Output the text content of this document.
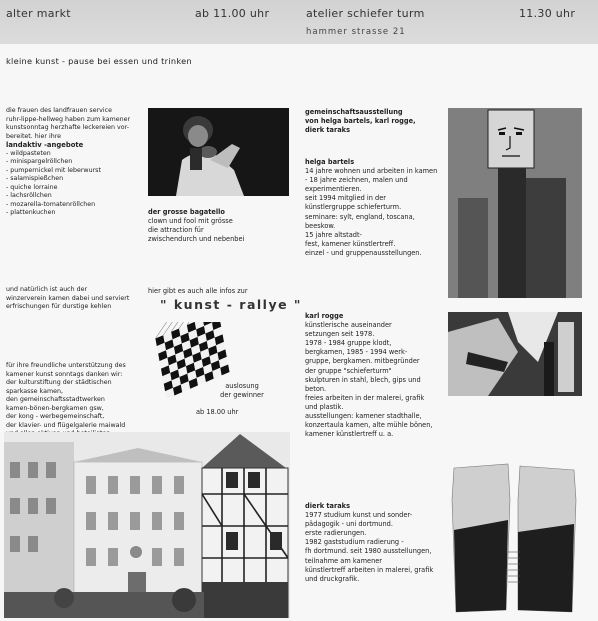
alter markt	ab 11.00 uhr	atelier schiefer turm	11.30 uhr
hammer strasse 21
kleine kunst - pause bei essen und trinken
die frauen des landfrauen service
ruhr-lippe-hellweg haben zum kamener
kunstsonntag herzhafte leckereien vor-
bereitet. hier ihre
landaktiv -angebote
- wildpasteten
- minispargelröllchen
- pumpernickel mit leberwurst
- salamispießchen
- quiche lorraine
- lachsröllchen
- mozarella-tomatenröllchen
- plattenkuchen
und natürlich ist auch der
winzerverein kamen dabei und serviert
erfrischungen für durstige kehlen
für ihre freundliche unterstützung des
kamener kunst sonntags danken wir:
der kulturstiftung der städtischen
sparkasse kamen,
den gemeinschaftsstadtwerken
kamen-bönen-bergkamen gsw,
der kong - werbegemeinschaft,
der klavier- und flügelgalerie maiwald
der grosse bagatello
clown und fool mit grösse
die attraction für
zwischendurch und nebenbei
hier gibt es auch alle infos zur
" kunst - rallye "
auslosung
der gewinner
ab 18.00 uhr
gemeinschaftsausstellung
von helga bartels, karl rogge,
dierk taraks
helga bartels
14 jahre wohnen und arbeiten in kamen
- 18 jahre zeichnen, malen und
experimentieren.
seit 1994 mitglied in der
künstlergruppe schieferturm.
seminare: sylt, england, toscana,
beeskow.
15 jahre altstadt-
fest, kamener künstlertreff.
einzel - und gruppenausstellungen.
karl rogge
künstlerische auseinander
setzungen seit 1978.
1978 - 1984 gruppe klodt,
bergkamen, 1985 - 1994 werk-
gruppe, bergkamen. mitbegründer
der gruppe "schieferturm"
skulpturen in stahl, blech, gips und
beton.
freies arbeiten in der malerei, grafik
und plastik.
ausstellungen: kamener stadthalle,
konzertaula kamen, alte mühle bönen,
kamener künstlertreff u. a.
dierk taraks
1977 studium kunst und sonder-
pädagogik - uni dortmund.
erste radierungen.
1982 gaststudium radierung -
fh dortmund. seit 1980 ausstellungen,
teilnahme am kamener
künstlertreff arbeiten in malerei, grafik
und druckgrafik.
